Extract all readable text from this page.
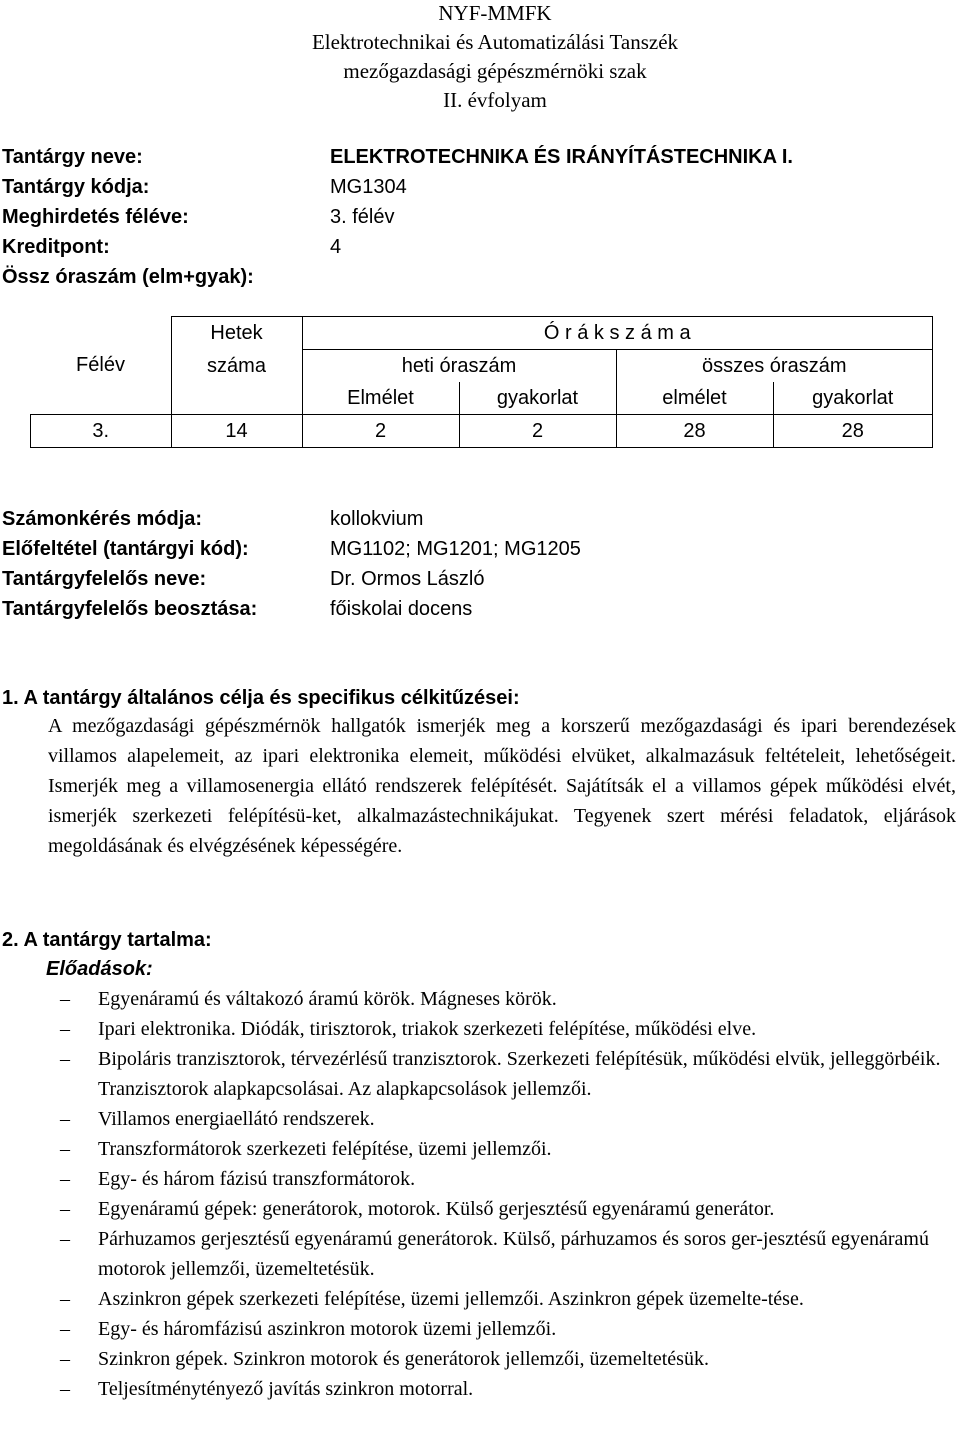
NYF-MMFK
Elektrotechnikai és Automatizálási Tanszék
mezőgazdasági gépészmérnöki szak
II. évfolyam
Tantárgy neve:	ELEKTROTECHNIKA ÉS IRÁNYÍTÁSTECHNIKA I.
Tantárgy kódja:	MG1304
Meghirdetés féléve:	3. félév
Kreditpont:	4
Össz óraszám (elm+gyak):
Félév	Hetek	Ó r á k s z á m a			
	száma	heti óraszám		összes óraszám	
		Elmélet	gyakorlat	elmélet	gyakorlat
3.	14	2	2	28	28
Számonkérés módja:	kollokvium
Előfeltétel (tantárgyi kód):	MG1102; MG1201; MG1205
Tantárgyfelelős neve:	Dr. Ormos László
Tantárgyfelelős beosztása:	főiskolai docens
1. A tantárgy általános célja és specifikus célkitűzései:
A mezőgazdasági gépészmérnök hallgatók ismerjék meg a korszerű mezőgazdasági és ipari berendezések villamos alapelemeit, az ipari elektronika elemeit, működési elvüket, alkalmazásuk feltételeit, lehetőségeit. Ismerjék meg a villamosenergia ellátó rendszerek felépítését. Sajátítsák el a villamos gépek működési elvét, ismerjék szerkezeti felépítésü-ket, alkalmazástechnikájukat. Tegyenek szert mérési feladatok, eljárások megoldásának és elvégzésének képességére.
2. A tantárgy tartalma:
Előadások:
– Egyenáramú és váltakozó áramú körök. Mágneses körök.
– Ipari elektronika. Diódák, tirisztorok, triakok szerkezeti felépítése, működési elve.
– Bipoláris tranzisztorok, térvezérlésű tranzisztorok. Szerkezeti felépítésük, működési elvük, jelleggörbéik. Tranzisztorok alapkapcsolásai. Az alapkapcsolások jellemzői.
– Villamos energiaellátó rendszerek.
– Transzformátorok szerkezeti felépítése, üzemi jellemzői.
– Egy- és három fázisú transzformátorok.
– Egyenáramú gépek: generátorok, motorok. Külső gerjesztésű egyenáramú generátor.
– Párhuzamos gerjesztésű egyenáramú generátorok. Külső, párhuzamos és soros ger-jesztésű egyenáramú motorok jellemzői, üzemeltetésük.
– Aszinkron gépek szerkezeti felépítése, üzemi jellemzői. Aszinkron gépek üzemelte-tése.
– Egy- és háromfázisú aszinkron motorok üzemi jellemzői.
– Szinkron gépek. Szinkron motorok és generátorok jellemzői, üzemeltetésük.
– Teljesítménytényező javítás szinkron motorral.
